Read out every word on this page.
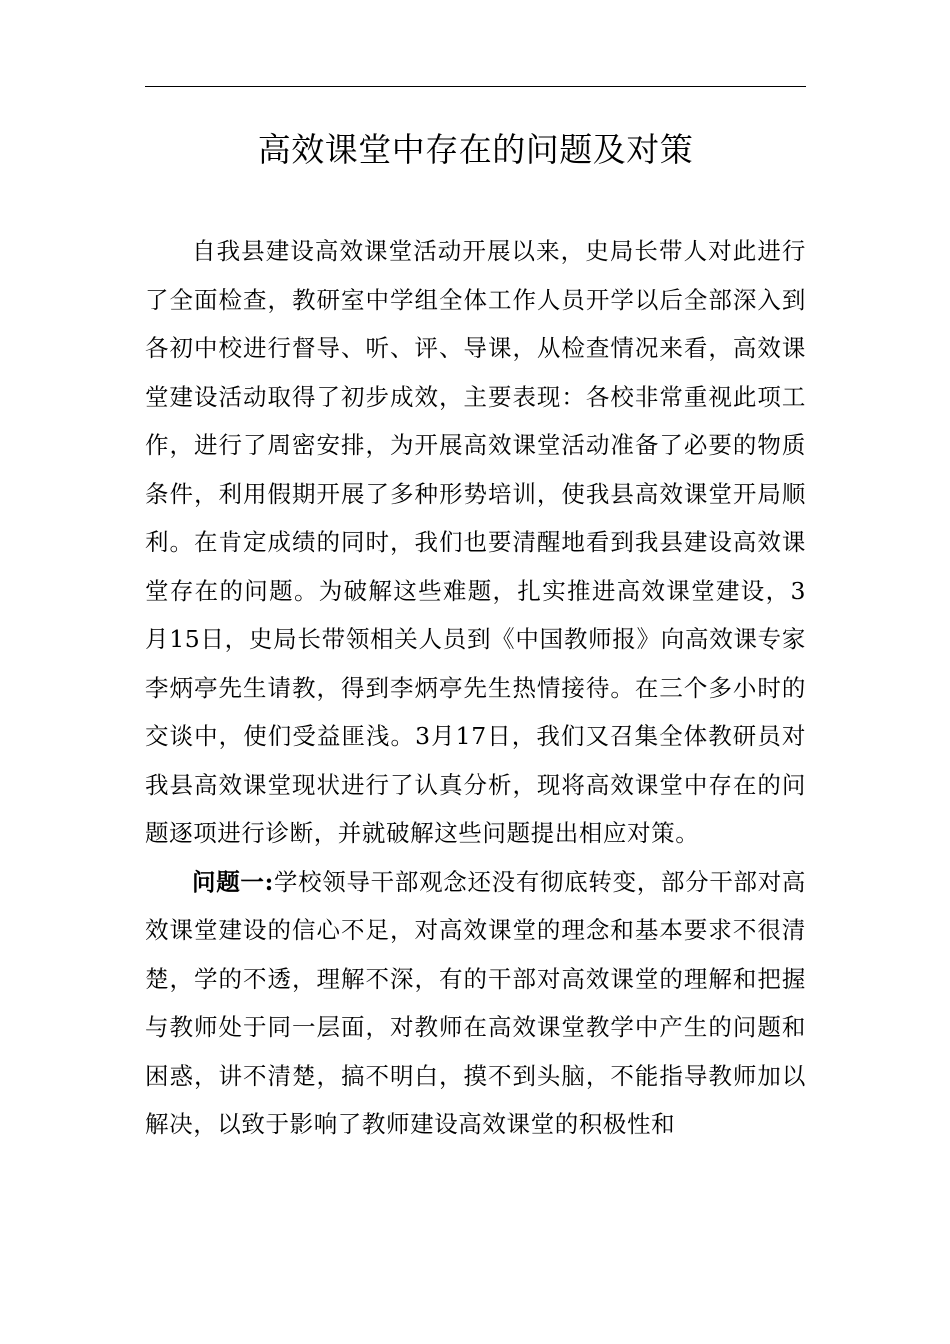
高效课堂中存在的问题及对策

自我县建设高效课堂活动开展以来，史局长带人对此进行了全面检查，教研室中学组全体工作人员开学以后全部深入到各初中校进行督导、听、评、导课，从检查情况来看，高效课堂建设活动取得了初步成效，主要表现：各校非常重视此项工作，进行了周密安排，为开展高效课堂活动准备了必要的物质条件，利用假期开展了多种形势培训，使我县高效课堂开局顺利。在肯定成绩的同时，我们也要清醒地看到我县建设高效课堂存在的问题。为破解这些难题，扎实推进高效课堂建设，3月15日，史局长带领相关人员到《中国教师报》向高效课专家李炳亭先生请教，得到李炳亭先生热情接待。在三个多小时的交谈中，使们受益匪浅。3月17日，我们又召集全体教研员对我县高效课堂现状进行了认真分析，现将高效课堂中存在的问题逐项进行诊断，并就破解这些问题提出相应对策。

问题一:学校领导干部观念还没有彻底转变，部分干部对高效课堂建设的信心不足，对高效课堂的理念和基本要求不很清楚，学的不透，理解不深，有的干部对高效课堂的理解和把握与教师处于同一层面，对教师在高效课堂教学中产生的问题和困惑，讲不清楚，搞不明白，摸不到头脑，不能指导教师加以解决，以致于影响了教师建设高效课堂的积极性和
